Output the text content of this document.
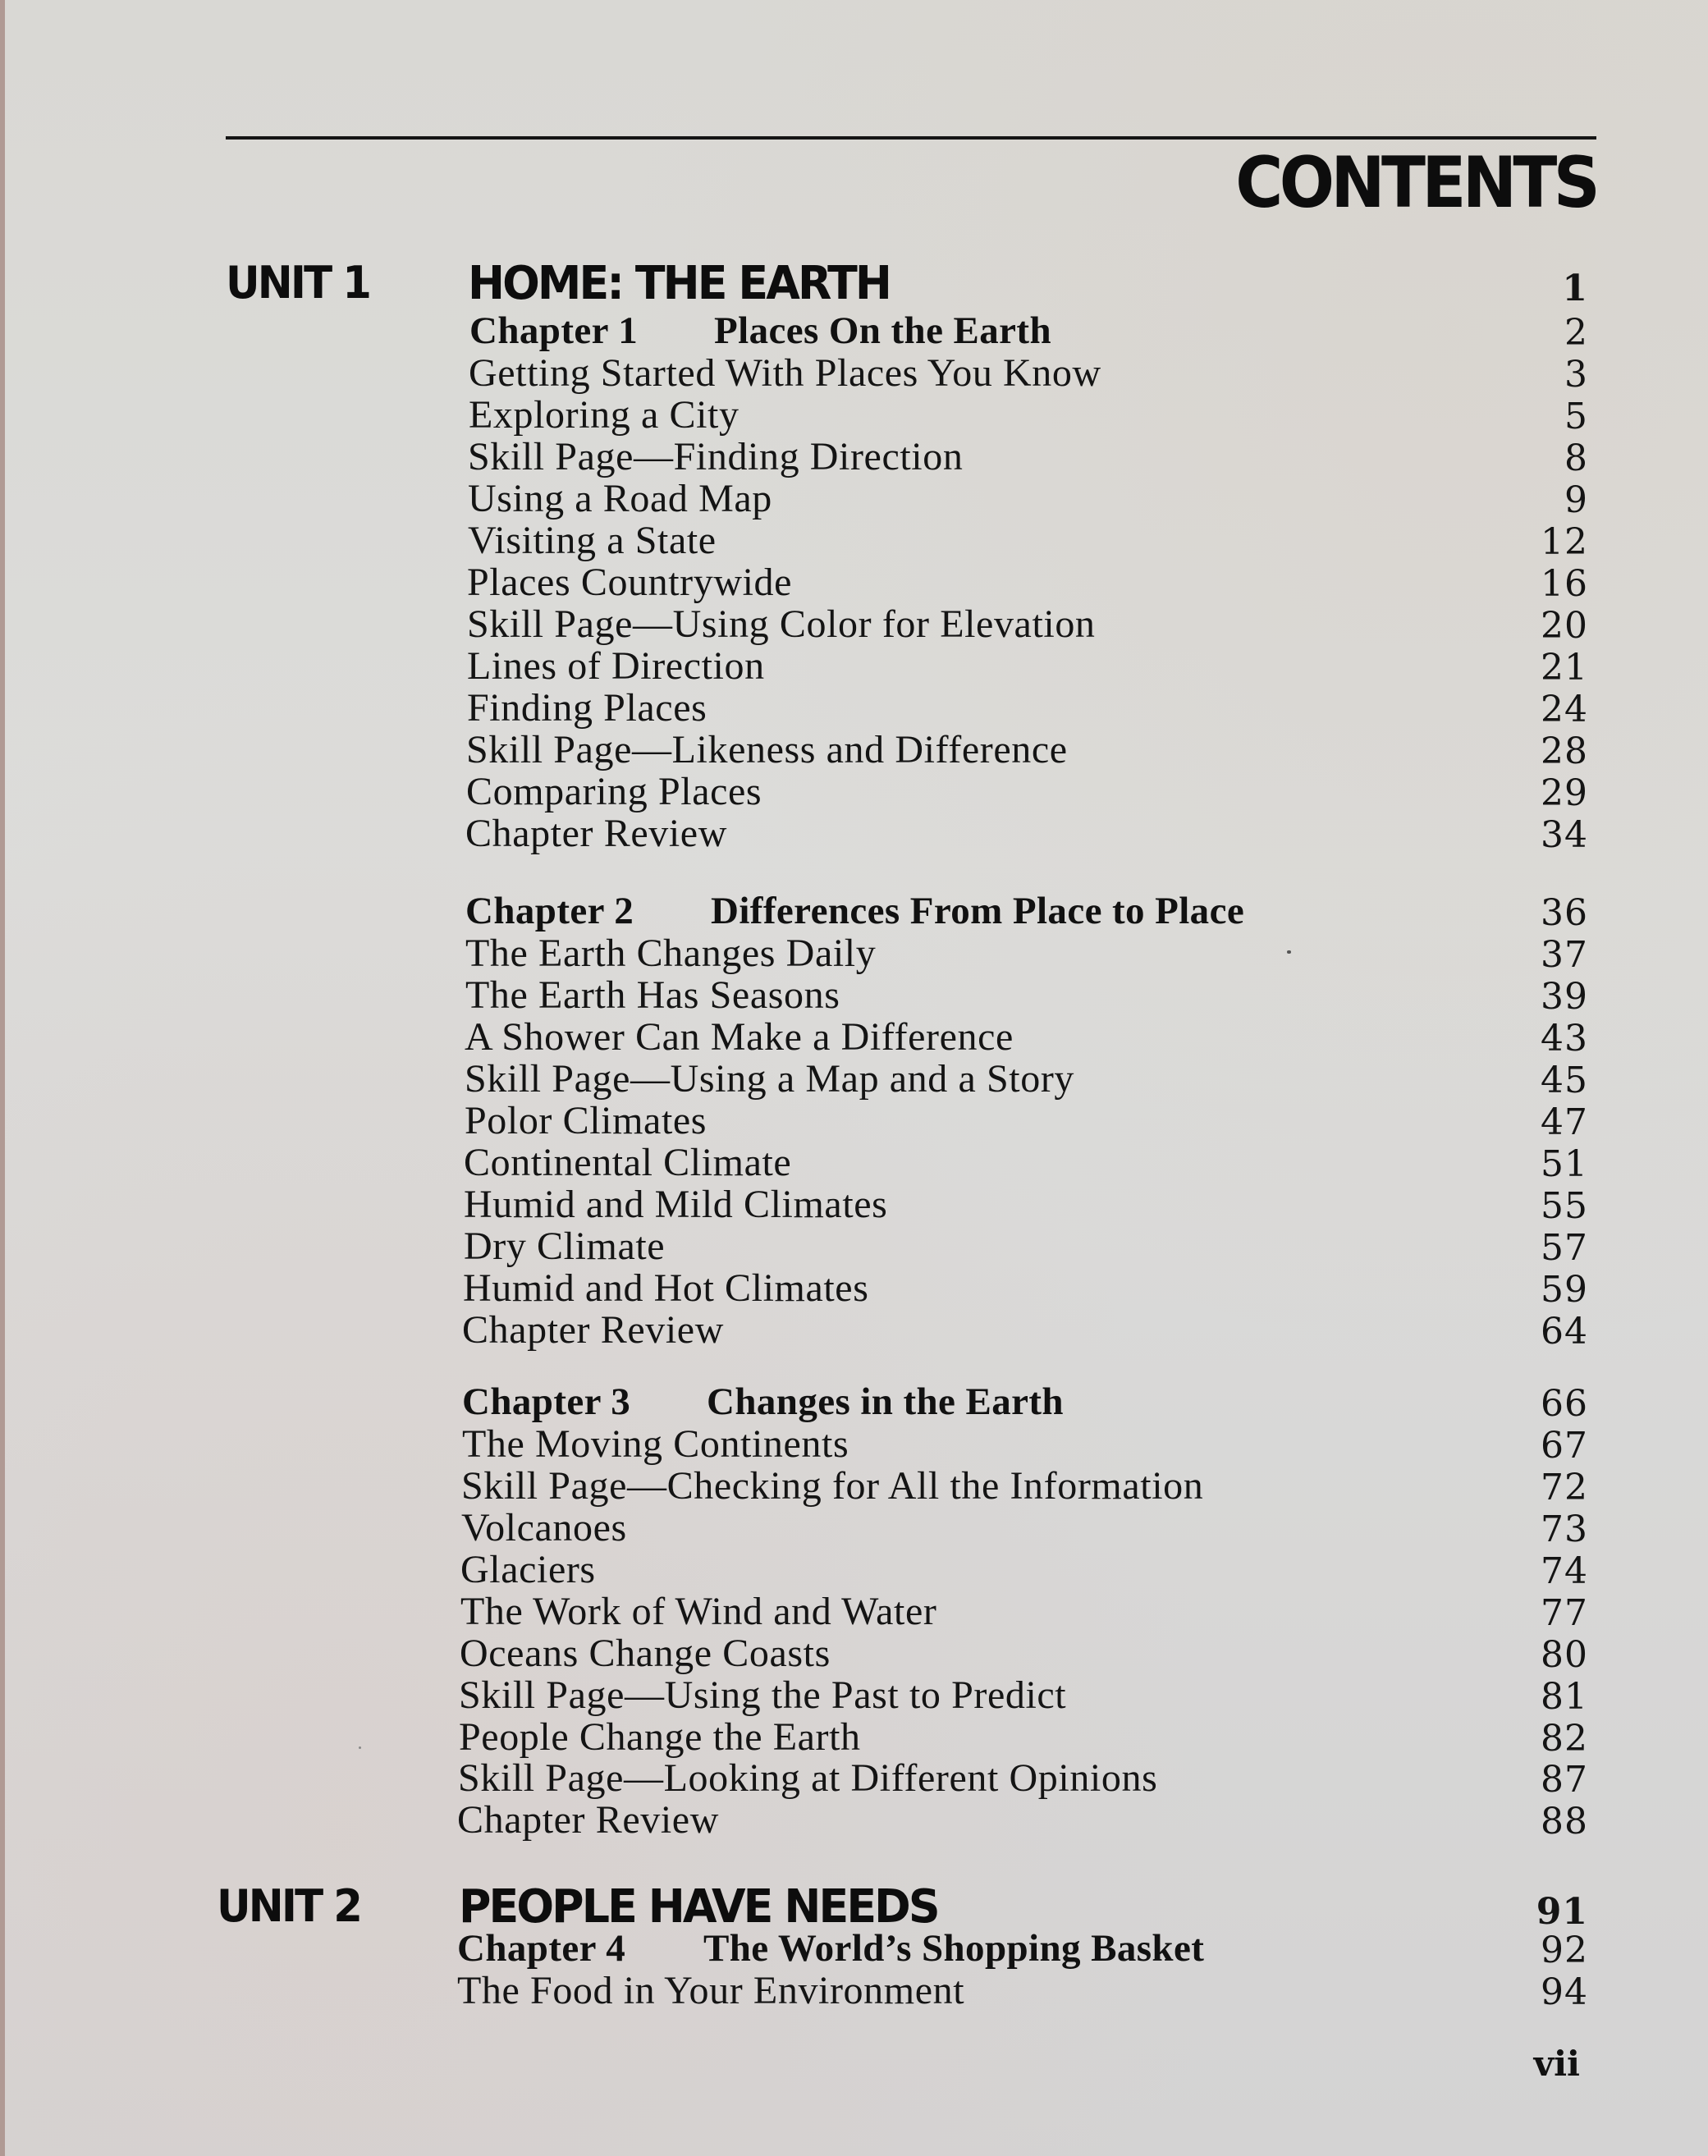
CONTENTS
UNIT 1 HOME: THE EARTH	1
Chapter 1 Places On the Earth	2
Getting Started With Places You Know	3
Exploring a City	5
Skill Page—Finding Direction	8
Using a Road Map	9
Visiting a State	12
Places Countrywide	16
Skill Page—Using Color for Elevation	20
Lines of Direction	21
Finding Places	24
Skill Page—Likeness and Difference	28
Comparing Places	29
Chapter Review	34
Chapter 2 Differences From Place to Place	36
The Earth Changes Daily	37
The Earth Has Seasons	39
A Shower Can Make a Difference	43
Skill Page—Using a Map and a Story	45
Polor Climates	47
Continental Climate	51
Humid and Mild Climates	55
Dry Climate	57
Humid and Hot Climates	59
Chapter Review	64
Chapter 3 Changes in the Earth	66
The Moving Continents	67
Skill Page—Checking for All the Information	72
Volcanoes	73
Glaciers	74
The Work of Wind and Water	77
Oceans Change Coasts	80
Skill Page—Using the Past to Predict	81
People Change the Earth	82
Skill Page—Looking at Different Opinions	87
Chapter Review	88
UNIT 2 PEOPLE HAVE NEEDS	91
Chapter 4 The World’s Shopping Basket	92
The Food in Your Environment	94
vii
